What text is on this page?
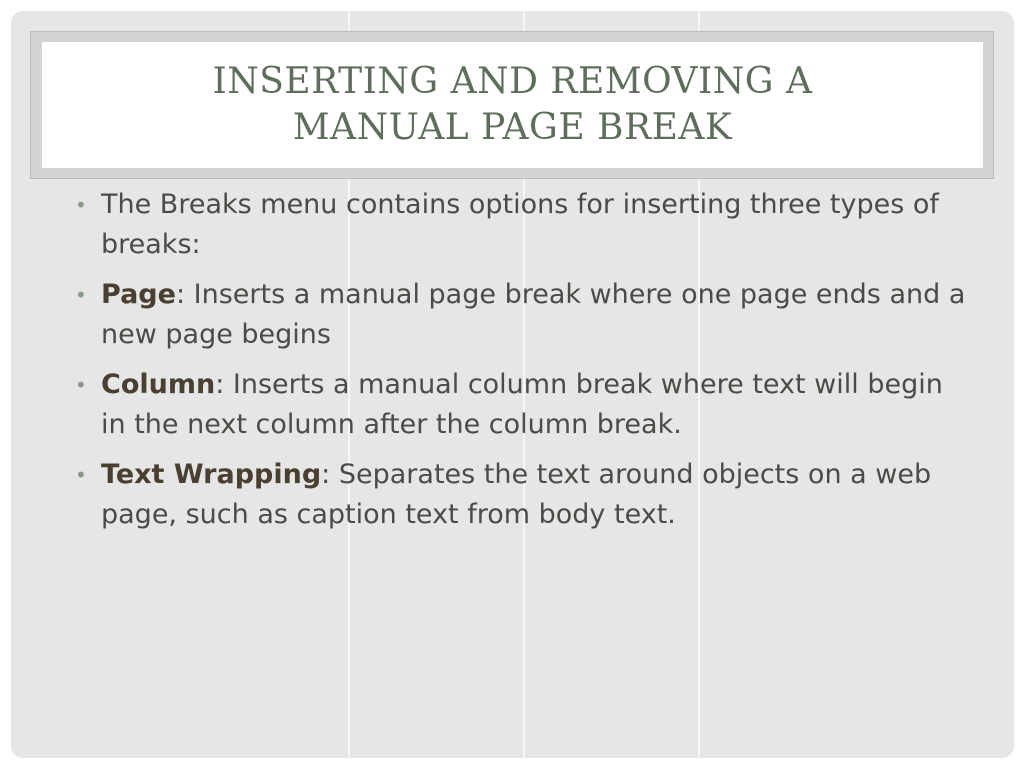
INSERTING AND REMOVING A
MANUAL PAGE BREAK
• The Breaks menu contains options for inserting three types of breaks:
• Page: Inserts a manual page break where one page ends and a new page begins
• Column: Inserts a manual column break where text will begin in the next column after the column break.
• Text Wrapping: Separates the text around objects on a web page, such as caption text from body text.
